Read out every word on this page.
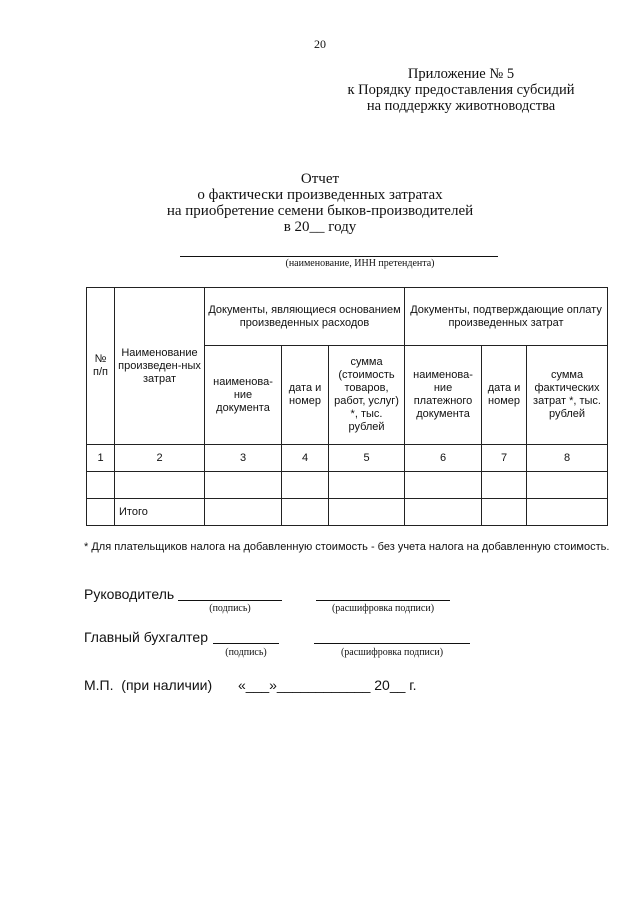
20
Приложение № 5
к Порядку предоставления субсидий
на поддержку животноводства
Отчет
о фактически произведенных затратах
на приобретение семени быков-производителей
в 20__ году
(наименование, ИНН претендента)
№ п/п	Наименование произведен-ных затрат	Документы, являющиеся основанием произведенных расходов			Документы, подтверждающие оплату произведенных затрат		
		наименова-ние документа	дата и номер	сумма (стоимость товаров, работ, услуг) *, тыс. рублей	наименова-ние платежного документа	дата и номер	сумма фактических затрат *, тыс. рублей
1	2	3	4	5	6	7	8

	Итого						
* Для плательщиков налога на добавленную стоимость - без учета налога на добавленную стоимость.
Руководитель
(подпись)	(расшифровка подписи)
Главный бухгалтер
(подпись)	(расшифровка подписи)
М.П.  (при наличии) «___»____________ 20__ г.
